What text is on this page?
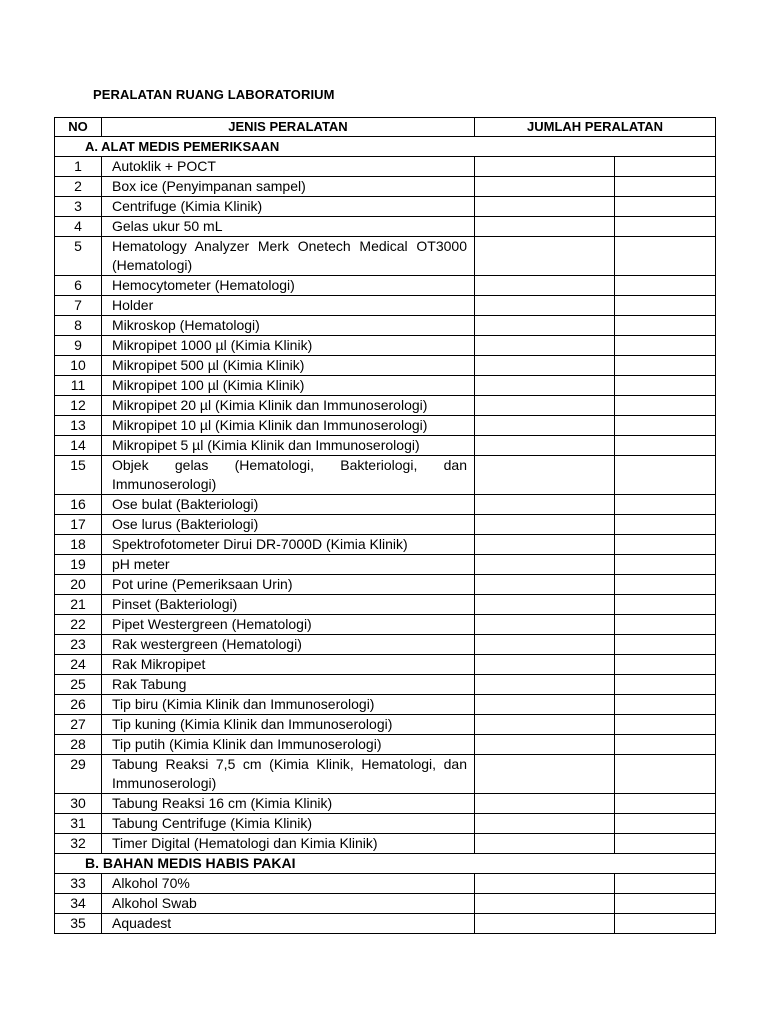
PERALATAN RUANG LABORATORIUM
NO	JENIS PERALATAN	JUMLAH PERALATAN	
A. ALAT MEDIS PEMERIKSAAN			
1	Autoklik + POCT		
2	Box ice (Penyimpanan sampel)		
3	Centrifuge (Kimia Klinik)		
4	Gelas ukur 50 mL		
5	Hematology Analyzer Merk Onetech Medical OT3000 (Hematologi)		
6	Hemocytometer (Hematologi)		
7	Holder		
8	Mikroskop (Hematologi)		
9	Mikropipet 1000 µl (Kimia Klinik)		
10	Mikropipet 500 µl (Kimia Klinik)		
11	Mikropipet 100 µl (Kimia Klinik)		
12	Mikropipet 20 µl (Kimia Klinik dan Immunoserologi)		
13	Mikropipet 10 µl (Kimia Klinik dan Immunoserologi)		
14	Mikropipet 5 µl (Kimia Klinik dan Immunoserologi)		
15	Objek gelas (Hematologi, Bakteriologi, dan Immunoserologi)		
16	Ose bulat (Bakteriologi)		
17	Ose lurus (Bakteriologi)		
18	Spektrofotometer Dirui DR-7000D (Kimia Klinik)		
19	pH meter		
20	Pot urine (Pemeriksaan Urin)		
21	Pinset (Bakteriologi)		
22	Pipet Westergreen (Hematologi)		
23	Rak westergreen (Hematologi)		
24	Rak Mikropipet		
25	Rak Tabung		
26	Tip biru (Kimia Klinik dan Immunoserologi)		
27	Tip kuning (Kimia Klinik dan Immunoserologi)		
28	Tip putih (Kimia Klinik dan Immunoserologi)		
29	Tabung Reaksi 7,5 cm (Kimia Klinik, Hematologi, dan Immunoserologi)		
30	Tabung Reaksi 16 cm (Kimia Klinik)		
31	Tabung Centrifuge (Kimia Klinik)		
32	Timer Digital (Hematologi dan Kimia Klinik)		
B. BAHAN MEDIS HABIS PAKAI			
33	Alkohol 70%		
34	Alkohol Swab		
35	Aquadest		
